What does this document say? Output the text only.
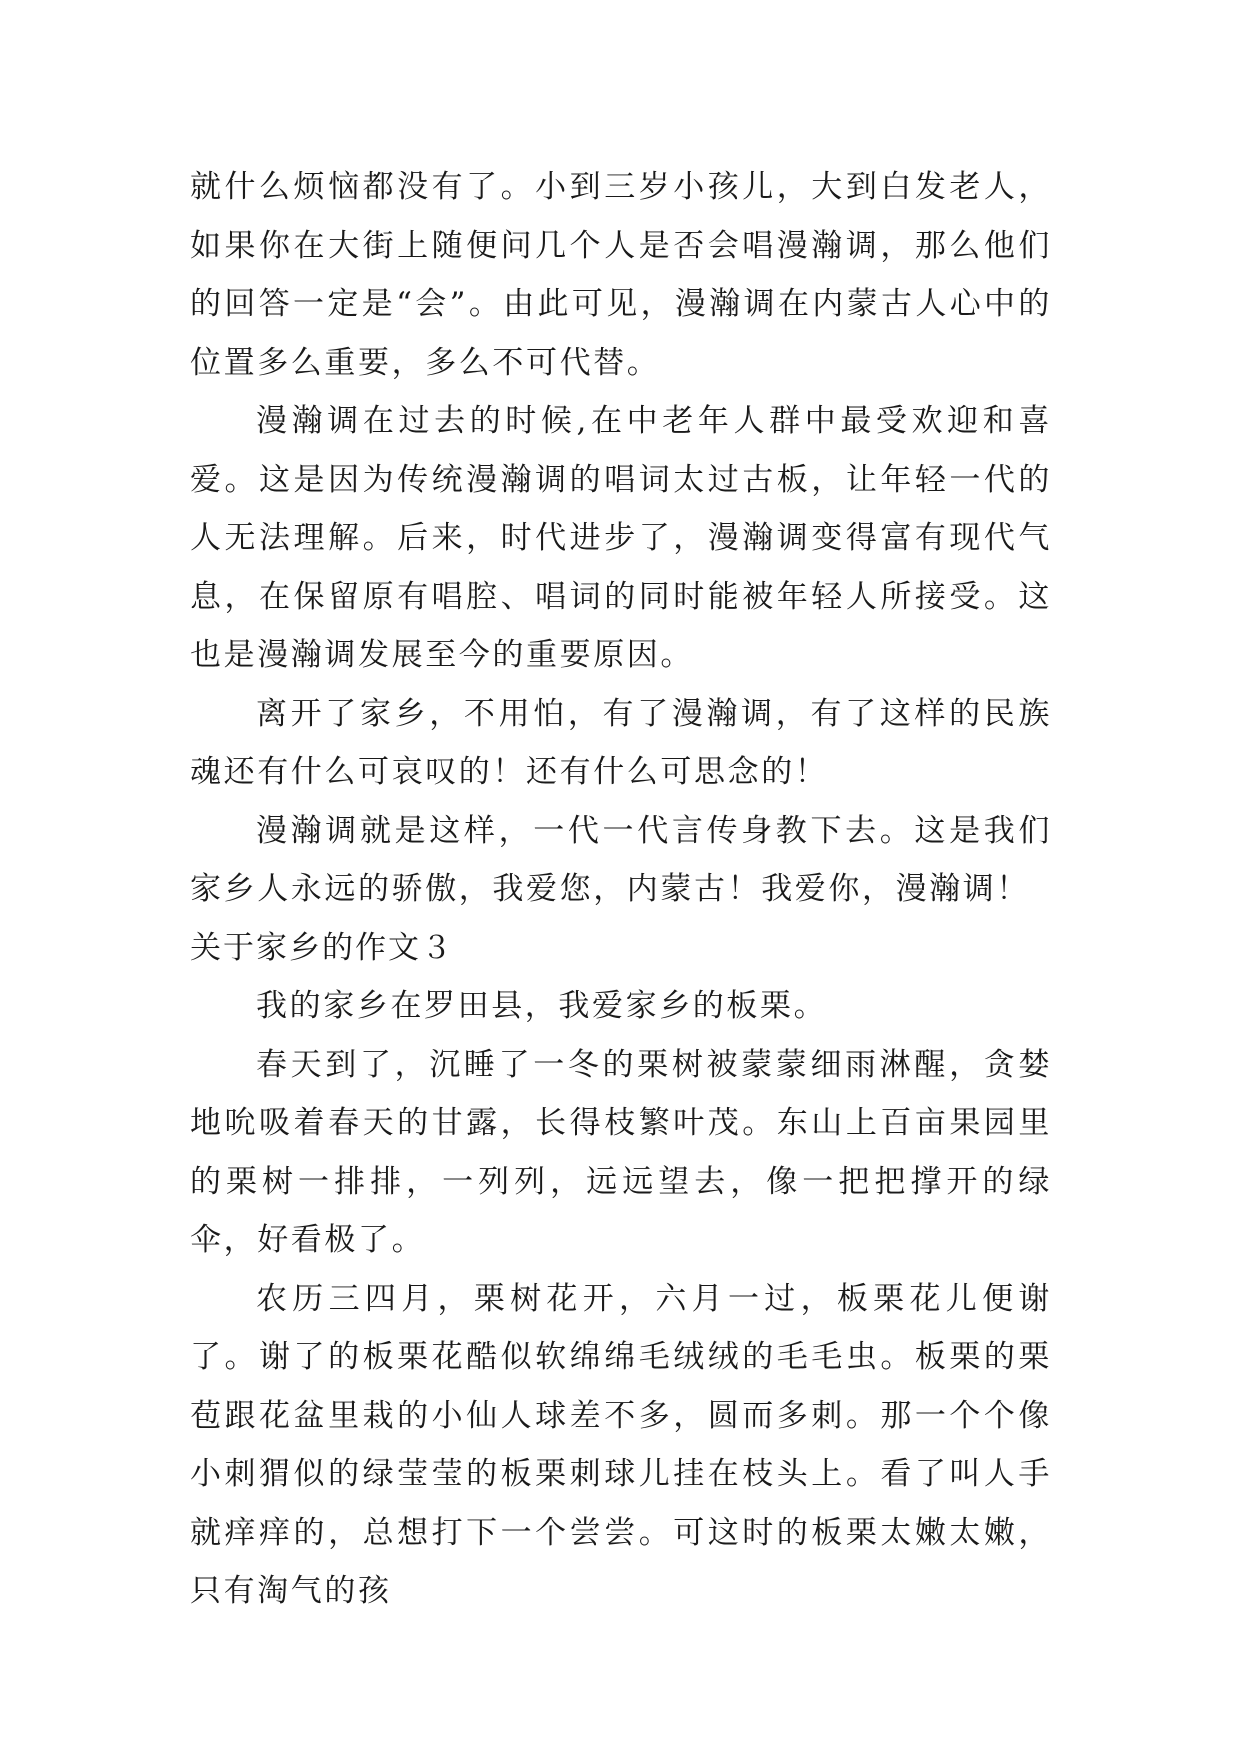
就什么烦恼都没有了。小到三岁小孩儿，大到白发老人，如果你在大街上随便问几个人是否会唱漫瀚调，那么他们的回答一定是“会”。由此可见，漫瀚调在内蒙古人心中的位置多么重要，多么不可代替。

漫瀚调在过去的时候,在中老年人群中最受欢迎和喜爱。这是因为传统漫瀚调的唱词太过古板，让年轻一代的人无法理解。后来，时代进步了，漫瀚调变得富有现代气息，在保留原有唱腔、唱词的同时能被年轻人所接受。这也是漫瀚调发展至今的重要原因。

离开了家乡，不用怕，有了漫瀚调，有了这样的民族魂还有什么可哀叹的！还有什么可思念的！

漫瀚调就是这样，一代一代言传身教下去。这是我们家乡人永远的骄傲，我爱您，内蒙古！我爱你，漫瀚调！

关于家乡的作文３

我的家乡在罗田县，我爱家乡的板栗。

春天到了，沉睡了一冬的栗树被蒙蒙细雨淋醒，贪婪地吮吸着春天的甘露，长得枝繁叶茂。东山上百亩果园里的栗树一排排，一列列，远远望去，像一把把撑开的绿伞，好看极了。

农历三四月，栗树花开，六月一过，板栗花儿便谢了。谢了的板栗花酷似软绵绵毛绒绒的毛毛虫。板栗的栗苞跟花盆里栽的小仙人球差不多，圆而多刺。那一个个像小刺猬似的绿莹莹的板栗刺球儿挂在枝头上。看了叫人手就痒痒的，总想打下一个尝尝。可这时的板栗太嫩太嫩，只有淘气的孩
